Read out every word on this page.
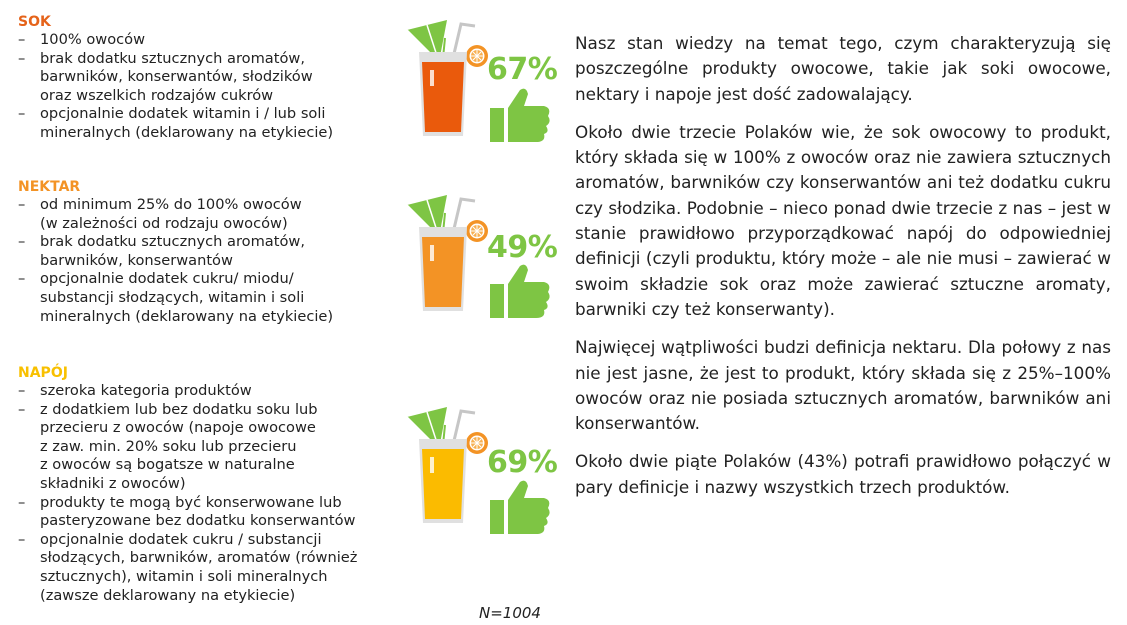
SOK
– 100% owoców
– brak dodatku sztucznych aromatów,
barwników, konserwantów, słodzików
oraz wszelkich rodzajów cukrów
– opcjonalnie dodatek witamin i / lub soli
mineralnych (deklarowany na etykiecie)
NEKTAR
– od minimum 25% do 100% owoców
(w zależności od rodzaju owoców)
– brak dodatku sztucznych aromatów,
barwników, konserwantów
– opcjonalnie dodatek cukru/ miodu/
substancji słodzących, witamin i soli
mineralnych (deklarowany na etykiecie)
NAPÓJ
– szeroka kategoria produktów
– z dodatkiem lub bez dodatku soku lub
przecieru z owoców (napoje owocowe
z zaw. min. 20% soku lub przecieru
z owoców są bogatsze w naturalne
składniki z owoców)
– produkty te mogą być konserwowane lub
pasteryzowane bez dodatku konserwantów
– opcjonalnie dodatek cukru / substancji
słodzących, barwników, aromatów (również
sztucznych), witamin i soli mineralnych
(zawsze deklarowany na etykiecie)
67%
49%
69%

Nasz stan wiedzy na temat tego, czym charakteryzują się poszczególne produkty owocowe, takie jak soki owocowe, nektary i napoje jest dość zadowalający.

Około dwie trzecie Polaków wie, że sok owocowy to produkt, który składa się w 100% z owoców oraz nie zawiera sztucznych aromatów, barwników czy konserwantów ani też dodatku cukru czy słodzika. Podobnie – nieco ponad dwie trzecie z nas – jest w stanie prawidłowo przyporządkować napój do odpowiedniej definicji (czyli produktu, który może – ale nie musi – zawierać w swoim składzie sok oraz może zawierać sztuczne aromaty, barwniki czy też konserwanty).

Najwięcej wątpliwości budzi definicja nektaru. Dla połowy z nas nie jest jasne, że jest to produkt, który składa się z 25%–100% owoców oraz nie posiada sztucznych aromatów, barwników ani konserwantów.

Około dwie piąte Polaków (43%) potrafi prawidłowo połączyć w pary definicje i nazwy wszystkich trzech produktów.

N=1004
